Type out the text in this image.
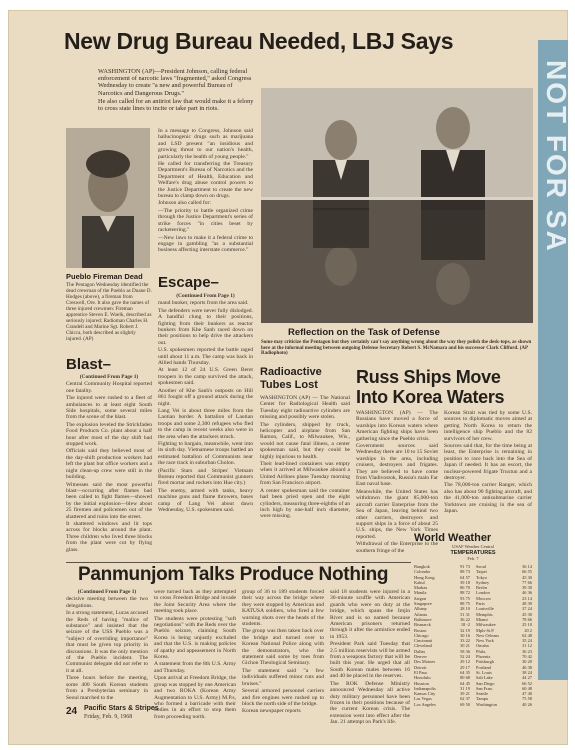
NOT FOR SA
New Drug Bureau Needed, LBJ Says

WASHINGTON (AP)—President Johnson, calling federal enforcement of narcotic laws "fragmented," asked Congress Wednesday to create "a new and powerful Bureau of Narcotics and Dangerous Drugs."

He also called for an antiriot law that would make it a felony to cross state lines to incite or take part in riots.

Pueblo Fireman Dead
The Pentagon Wednesday identified the dead crewman of the Pueblo as Duane D. Hodges (above), a fireman from Creswell, Ore. It also gave the names of three injured crewmen: Fireman apprentice Steven E. Woelk, described as seriously injured; Radioman Charles H. Crandell and Marine Sgt. Robert J. Chicca, both described as slightly injured. (AP)

In a message to Congress, Johnson said hallucinogenic drugs such as marijuana and LSD present "an insidious and growing threat to our nation's health, particularly the health of young people."

He called for transferring the Treasury Department's Bureau of Narcotics and the Department of Health, Education and Welfare's drug abuse control powers to the Justice Department to create the new bureau to clamp down on drugs.

Johnson also called for:

—The priority to battle organized crime through the Justice Department's series of strike forces "in cities beset by racketeering."

—New laws to make it a federal crime to engage in gambling "as a substantial business affecting interstate commerce."

Escape–
(Continued From Page 1)

mand bunker, reports from the area said.

The defenders were never fully dislodged. A handful clung to their positions, fighting from their bunkers as reactor bunkers from Khe Sanh raced down on their positions to help drive the attackers out.

U.S. spokesmen reported the battle raged until about 11 a.m. The camp was back in Allied hands Thursday.

At least 12 of 24 U.S. Green Beret troopers in the camp survived the attack, spokesmen said.

Another of Khe Sanh's outposts on Hill 861 fought off a ground attack during the night.

Lang Vei is about three miles from the Laotian border. A battalion of Laotian troops and some 2,300 refugees who fled to the camp in recent weeks also were in the area when the attackers struck.

Fighting to bargain, meanwhile, went into its sixth day. Vietnamese troops battled an estimated battalion of Communists near the race track in suburban Cholon.

(Pacific Stars and Stripes' Vietnam Bureau reported that Communist gunners fired mortar and rockets into Hue city.)

The enemy, armed with tanks, heavy machine guns and flame throwers, bases camp of Lang Vei about dawn Wednesday, U.S. spokesmen said.

Reflection on the Task of Defense
Some may criticize the Pentagon but they certainly can't say anything wrong about the way they polish the desk-tops, as shown here at the informal meeting between outgoing Defense Secretary Robert S. McNamara and his successor Clark Clifford. (AP Radiophoto)
Blast–
(Continued From Page 1)

Central Community Hospital reported one fatality.

The injured were rushed to a fleet of ambulances to at least eight South Side hospitals, some several miles from the scene of the blast.

The explosion leveled the Strickfaden Food Products Co. plant about a half hour after most of the day shift had stopped work.

Officials said they believed most of the day-shift production workers had left the plant but office workers and a night clean-up crew were still in the building.

Witnesses said the most powerful blast—occurring after flames had been called to fight flames—showed by the initial explosion—blew about 25 firemen and policemen out of the shattered and ruins into the street.

It shattered windows and lit tops across for blocks around the plant. Three children who lived three blocks from the plant were cut by flying glass.

Radioactive
Tubes Lost

WASHINGTON (AP) — The National Center for Radiological Health said Tuesday eight radioactive cylinders are missing and possibly were stolen.

The cylinders, shipped by truck, helicopter and airplane from San Ramon, Calif., to Milwaukee, Wis., would not cause fatal illness, a center spokesman said, but they could be highly injurious to health.

Their lead-lined containers was empty when it arrived at Milwaukee aboard a United Airlines plane Tuesday morning from San Francisco airport.

A center spokesman said the container had been pried open and the eight cylinders, measuring three-eighths of an inch high by one-half inch diameter, were missing.

Russ Ships Move
Into Korea Waters

WASHINGTON (AP) — The Russians have moved a force of warships into Korean waters where American fighting ships have been gathering since the Pueblo crisis.

Government sources said Wednesday there are 10 to 15 Soviet warships in the area, including cruisers, destroyers and frigates. They are believed to have come from Vladivostok, Russia's main Far East naval base.

Meanwhile, the United States has withdrawn the giant 85,000-ton aircraft carrier Enterprise from the Sea of Japan, leaving behind two other carriers, destroyers and support ships in a force of about 25 U.S. ships, the New York Times reported.

Withdrawal of the Enterprise to the southern fringe of the

Korean Strait was tied by some U.S. sources to diplomatic moves aimed at getting North Korea to return the intelligence ship Pueblo and the 82 survivors of her crew.

Sources said that, for the time being at least, the Enterprise is remaining in position to race back into the Sea of Japan if needed. It has an escort, the nuclear-powered frigate Truxtun and a destroyer.

The 78,000-ton carrier Ranger, which also has about 90 fighting aircraft, and the 41,000-ton antisubmarine carrier Yorktown are cruising in the sea of Japan.

World Weather
USAF Weather Central
TEMPERATURES
Feb. 7
Bangkok	91 73
Colombo	88 73
Hong Kong	64 57
Kabul	39 18
Madras	86 70
Manila	88 72
Saigon	93 75
Singapore	88 75
Albany	28 10
Atlanta	51 31
Baltimore	36 22
Bismarck	18 -2
Boston	32 19
Chicago	30 16
Cincinnati	33 22
Cleveland	30 21
Dallas	58 36
Denver	52 24
Des Moines	29 12
Detroit	29 17
El Paso	64 35
Honolulu	80 68
Houston	64 45
Indianapolis	31 19
Kansas City	39 21
Las Vegas	62 37
Los Angeles	69 50
Seoul	36 14
Taipei	66 55
Tokyo	45 30
Sydney	77 66
Berlin	39 30
London	46 36
Moscow	23 14
Paris	48 39
Louisville	37 24
Memphis	45 30
Miami	78 66
Milwaukee	25 10
Mpls-St.P.	20 2
New Orleans	62 48
New York	35 24
Omaha	31 12
Phila.	36 23
Phoenix	70 42
Pittsburgh	30 20
Portland	46 38
St. Louis	38 24
Salt Lake	44 27
San Diego	66 52
San Fran.	60 48
Seattle	47 40
Tampa	75 58
Washington	40 26
Panmunjom Talks Produce Nothing
(Continued From Page 1)

decisive meeting between the two delegations.

In a strong statement, Lucas accused the Reds of having "malice of substance" and insisted that the seizure of the USS Pueblo was a "subject of overriding importance" that must be given top priority in discussions. It was the only mention of the Pueblo incident. The Communist delegate did not refer to it at all.

Three hours before the meeting, some 400 South Korean students from a Presbyterian seminary in Seoul marched to the

were turned back as they attempted to cross Freedom Bridge and invade the Joint Security Area where the meeting took place.

The students were protesting "soft negotiations" with the Reds over the Pueblo seizure, claiming South Korea is being unjustly excluded and that the U.S. is making policies of apathy and appeasement in North Korea.

A statement from the 8th U.S. Army and Thursday.

Upon arrival at Freedom Bridge, the group was stopped by one American and two ROKA (Korean Army Augmentation to U.S. Army) M.P.s, who formed a barricade with their bodies in an effort to stop them from proceeding north.

group of 36 to 189 students forced their way across the bridge where they were stopped by American and KATUSA soldiers, who fired a few warning shots over the heads of the students.

The group was then taken back over the bridge and turned over to Korean National Police along with the demonstrators, who the statement said some by toes from Gichon Theological Seminary.

The statement said "a few individuals suffered minor cuts and bruises."

Several armored personnel carriers and fire engines were rushed up to block the north side of the bridge.

Korean newspaper reports

said 18 students were injured in a 30-minute scuffle with American guards who were on duty at the bridge, which spans the Imjin River and is so named because American prisoners returned through it after the armistice ended in 1953.

President Park said Tuesday that 2.5 million reservists will be armed from a weapons factory that will be built this year. He urged that all South Korean males between 16 and 40 be placed in the reserves.

The ROK Defense Ministry announced Wednesday all active duty military personnel have been frozen in their positions because of the current Korean crisis. The extension went into effect after the Jan. 21 attempt on Park's life.

24 Pacific Stars & Stripes
Friday, Feb. 9, 1968
